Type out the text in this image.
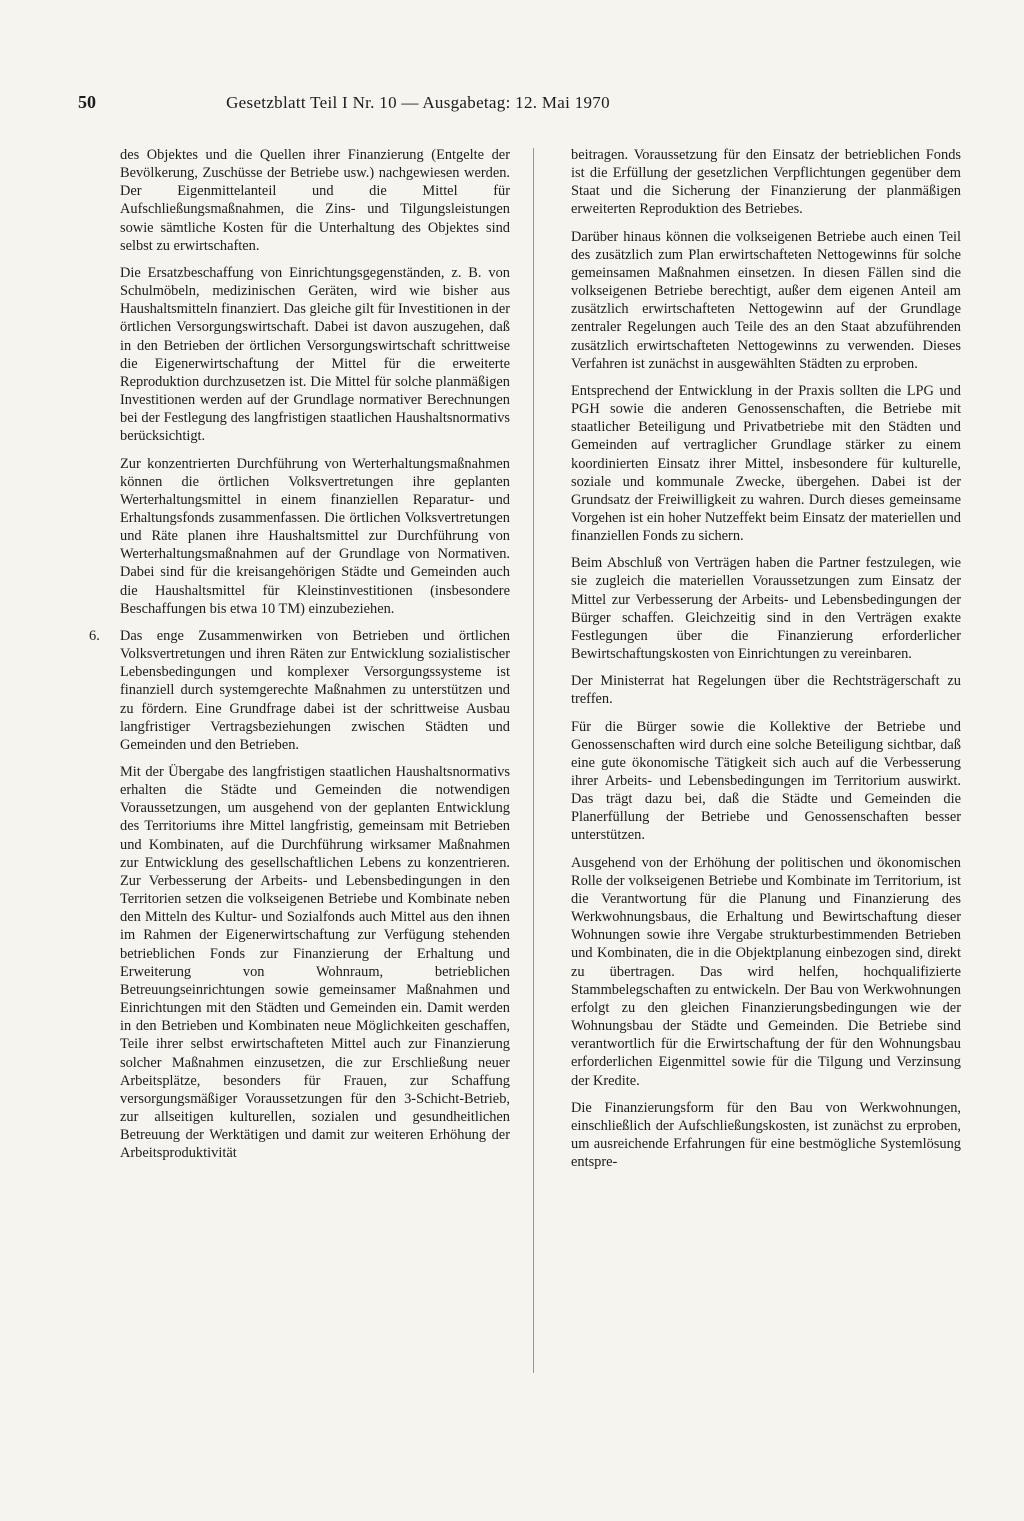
50	Gesetzblatt Teil I Nr. 10 — Ausgabetag: 12. Mai 1970

des Objektes und die Quellen ihrer Finanzierung (Entgelte der Bevölkerung, Zuschüsse der Betriebe usw.) nachgewiesen werden. Der Eigenmittelanteil und die Mittel für Aufschließungsmaßnahmen, die Zins- und Tilgungsleistungen sowie sämtliche Kosten für die Unterhaltung des Objektes sind selbst zu erwirtschaften.

Die Ersatzbeschaffung von Einrichtungsgegenständen, z. B. von Schulmöbeln, medizinischen Geräten, wird wie bisher aus Haushaltsmitteln finanziert. Das gleiche gilt für Investitionen in der örtlichen Versorgungswirtschaft. Dabei ist davon auszugehen, daß in den Betrieben der örtlichen Versorgungswirtschaft schrittweise die Eigenerwirtschaftung der Mittel für die erweiterte Reproduktion durchzusetzen ist. Die Mittel für solche planmäßigen Investitionen werden auf der Grundlage normativer Berechnungen bei der Festlegung des langfristigen staatlichen Haushaltsnormativs berücksichtigt.

Zur konzentrierten Durchführung von Werterhaltungsmaßnahmen können die örtlichen Volksvertretungen ihre geplanten Werterhaltungsmittel in einem finanziellen Reparatur- und Erhaltungsfonds zusammenfassen. Die örtlichen Volksvertretungen und Räte planen ihre Haushaltsmittel zur Durchführung von Werterhaltungsmaßnahmen auf der Grundlage von Normativen. Dabei sind für die kreisangehörigen Städte und Gemeinden auch die Haushaltsmittel für Kleinstinvestitionen (insbesondere Beschaffungen bis etwa 10 TM) einzubeziehen.

6. Das enge Zusammenwirken von Betrieben und örtlichen Volksvertretungen und ihren Räten zur Entwicklung sozialistischer Lebensbedingungen und komplexer Versorgungssysteme ist finanziell durch systemgerechte Maßnahmen zu unterstützen und zu fördern. Eine Grundfrage dabei ist der schrittweise Ausbau langfristiger Vertragsbeziehungen zwischen Städten und Gemeinden und den Betrieben.

Mit der Übergabe des langfristigen staatlichen Haushaltsnormativs erhalten die Städte und Gemeinden die notwendigen Voraussetzungen, um ausgehend von der geplanten Entwicklung des Territoriums ihre Mittel langfristig, gemeinsam mit Betrieben und Kombinaten, auf die Durchführung wirksamer Maßnahmen zur Entwicklung des gesellschaftlichen Lebens zu konzentrieren. Zur Verbesserung der Arbeits- und Lebensbedingungen in den Territorien setzen die volkseigenen Betriebe und Kombinate neben den Mitteln des Kultur- und Sozialfonds auch Mittel aus den ihnen im Rahmen der Eigenerwirtschaftung zur Verfügung stehenden betrieblichen Fonds zur Finanzierung der Erhaltung und Erweiterung von Wohnraum, betrieblichen Betreuungseinrichtungen sowie gemeinsamer Maßnahmen und Einrichtungen mit den Städten und Gemeinden ein. Damit werden in den Betrieben und Kombinaten neue Möglichkeiten geschaffen, Teile ihrer selbst erwirtschafteten Mittel auch zur Finanzierung solcher Maßnahmen einzusetzen, die zur Erschließung neuer Arbeitsplätze, besonders für Frauen, zur Schaffung versorgungsmäßiger Voraussetzungen für den 3-Schicht-Betrieb, zur allseitigen kulturellen, sozialen und gesundheitlichen Betreuung der Werktätigen und damit zur weiteren Erhöhung der Arbeitsproduktivität

beitragen. Voraussetzung für den Einsatz der betrieblichen Fonds ist die Erfüllung der gesetzlichen Verpflichtungen gegenüber dem Staat und die Sicherung der Finanzierung der planmäßigen erweiterten Reproduktion des Betriebes.

Darüber hinaus können die volkseigenen Betriebe auch einen Teil des zusätzlich zum Plan erwirtschafteten Nettogewinns für solche gemeinsamen Maßnahmen einsetzen. In diesen Fällen sind die volkseigenen Betriebe berechtigt, außer dem eigenen Anteil am zusätzlich erwirtschafteten Nettogewinn auf der Grundlage zentraler Regelungen auch Teile des an den Staat abzuführenden zusätzlich erwirtschafteten Nettogewinns zu verwenden. Dieses Verfahren ist zunächst in ausgewählten Städten zu erproben.

Entsprechend der Entwicklung in der Praxis sollten die LPG und PGH sowie die anderen Genossenschaften, die Betriebe mit staatlicher Beteiligung und Privatbetriebe mit den Städten und Gemeinden auf vertraglicher Grundlage stärker zu einem koordinierten Einsatz ihrer Mittel, insbesondere für kulturelle, soziale und kommunale Zwecke, übergehen. Dabei ist der Grundsatz der Freiwilligkeit zu wahren. Durch dieses gemeinsame Vorgehen ist ein hoher Nutzeffekt beim Einsatz der materiellen und finanziellen Fonds zu sichern.

Beim Abschluß von Verträgen haben die Partner festzulegen, wie sie zugleich die materiellen Voraussetzungen zum Einsatz der Mittel zur Verbesserung der Arbeits- und Lebensbedingungen der Bürger schaffen. Gleichzeitig sind in den Verträgen exakte Festlegungen über die Finanzierung erforderlicher Bewirtschaftungskosten von Einrichtungen zu vereinbaren.

Der Ministerrat hat Regelungen über die Rechtsträgerschaft zu treffen.

Für die Bürger sowie die Kollektive der Betriebe und Genossenschaften wird durch eine solche Beteiligung sichtbar, daß eine gute ökonomische Tätigkeit sich auch auf die Verbesserung ihrer Arbeits- und Lebensbedingungen im Territorium auswirkt. Das trägt dazu bei, daß die Städte und Gemeinden die Planerfüllung der Betriebe und Genossenschaften besser unterstützen.

Ausgehend von der Erhöhung der politischen und ökonomischen Rolle der volkseigenen Betriebe und Kombinate im Territorium, ist die Verantwortung für die Planung und Finanzierung des Werkwohnungsbaus, die Erhaltung und Bewirtschaftung dieser Wohnungen sowie ihre Vergabe strukturbestimmenden Betrieben und Kombinaten, die in die Objektplanung einbezogen sind, direkt zu übertragen. Das wird helfen, hochqualifizierte Stammbelegschaften zu entwickeln. Der Bau von Werkwohnungen erfolgt zu den gleichen Finanzierungsbedingungen wie der Wohnungsbau der Städte und Gemeinden. Die Betriebe sind verantwortlich für die Erwirtschaftung der für den Wohnungsbau erforderlichen Eigenmittel sowie für die Tilgung und Verzinsung der Kredite.

Die Finanzierungsform für den Bau von Werkwohnungen, einschließlich der Aufschließungskosten, ist zunächst zu erproben, um ausreichende Erfahrungen für eine bestmögliche Systemlösung entspre-
